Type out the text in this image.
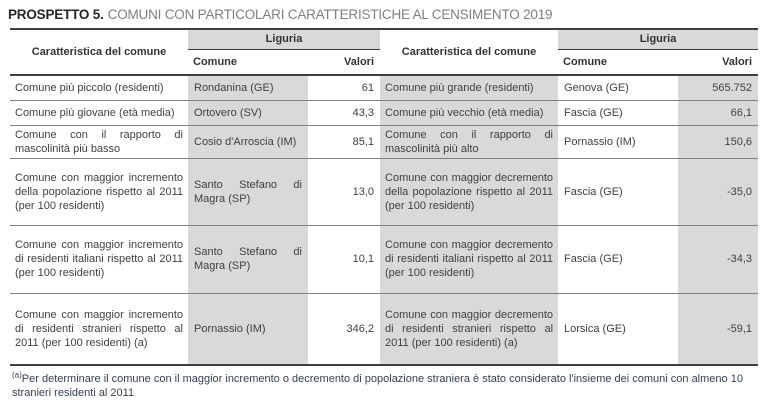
PROSPETTO 5. COMUNI CON PARTICOLARI CARATTERISTICHE AL CENSIMENTO 2019
Caratteristica del comune	Liguria		Caratteristica del comune	Liguria	
	Comune	Valori		Comune	Valori
Comune più piccolo (residenti)	Rondanina (GE)	61	Comune più grande (residenti)	Genova (GE)	565.752
Comune più giovane (età media)	Ortovero (SV)	43,3	Comune più vecchio (età media)	Fascia (GE)	66,1
Comune con il rapporto di mascolinità più basso	Cosio d'Arroscia (IM)	85,1	Comune con il rapporto di mascolinità più alto	Pornassio (IM)	150,6
Comune con maggior incremento della popolazione rispetto al 2011 (per 100 residenti)	Santo Stefano di Magra (SP)	13,0	Comune con maggior decremento della popolazione rispetto al 2011 (per 100 residenti)	Fascia (GE)	-35,0
Comune con maggior incremento di residenti italiani rispetto al 2011 (per 100 residenti)	Santo Stefano di Magra (SP)	10,1	Comune con maggior decremento di residenti italiani rispetto al 2011 (per 100 residenti)	Fascia (GE)	-34,3
Comune con maggior incremento di residenti stranieri rispetto al 2011 (per 100 residenti) (a)	Pornassio (IM)	346,2	Comune con maggior decremento di residenti stranieri rispetto al 2011 (per 100 residenti) (a)	Lorsica (GE)	-59,1
$^{(a)}$Per determinare il comune con il maggior incremento o decremento di popolazione straniera è stato considerato l'insieme dei comuni con almeno 10 stranieri residenti al 2011
